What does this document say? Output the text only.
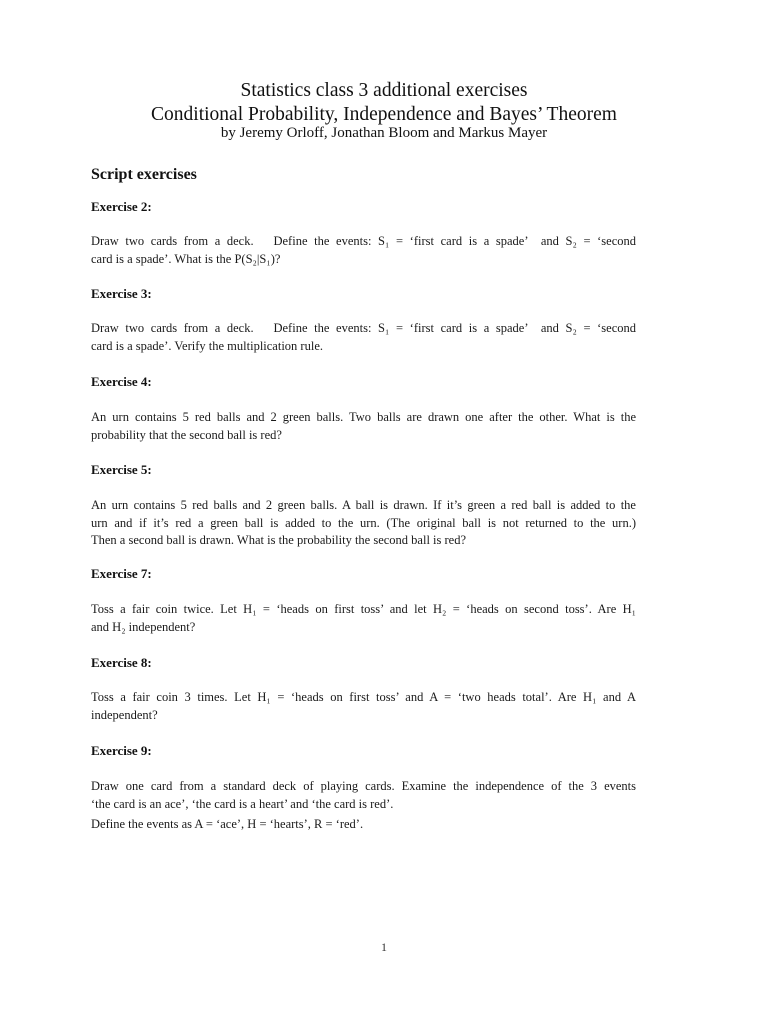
Statistics class 3 additional exercises
Conditional Probability, Independence and Bayes’ Theorem
by Jeremy Orloff, Jonathan Bloom and Markus Mayer
Script exercises
Exercise 2:
Draw two cards from a deck.   Define the events: S₁ = ‘first card is a spade’  and S₂ = ‘second
card is a spade’. What is the P(S₂|S₁)?
Exercise 3:
Draw two cards from a deck.   Define the events: S₁ = ‘first card is a spade’  and S₂ = ‘second
card is a spade’. Verify the multiplication rule.
Exercise 4:
An urn contains 5 red balls and 2 green balls. Two balls are drawn one after the other. What is the
probability that the second ball is red?
Exercise 5:
An urn contains 5 red balls and 2 green balls. A ball is drawn. If it’s green a red ball is added to the
urn and if it’s red a green ball is added to the urn. (The original ball is not returned to the urn.)
Then a second ball is drawn. What is the probability the second ball is red?
Exercise 7:
Toss a fair coin twice. Let H₁ = ‘heads on first toss’ and let H₂ = ‘heads on second toss’. Are H₁
and H₂ independent?
Exercise 8:
Toss a fair coin 3 times. Let H₁ = ‘heads on first toss’ and A = ‘two heads total’. Are H₁ and A
independent?
Exercise 9:
Draw one card from a standard deck of playing cards. Examine the independence of the 3 events
‘the card is an ace’, ‘the card is a heart’ and ‘the card is red’.
Define the events as A = ‘ace’, H = ‘hearts’, R = ‘red’.
1
